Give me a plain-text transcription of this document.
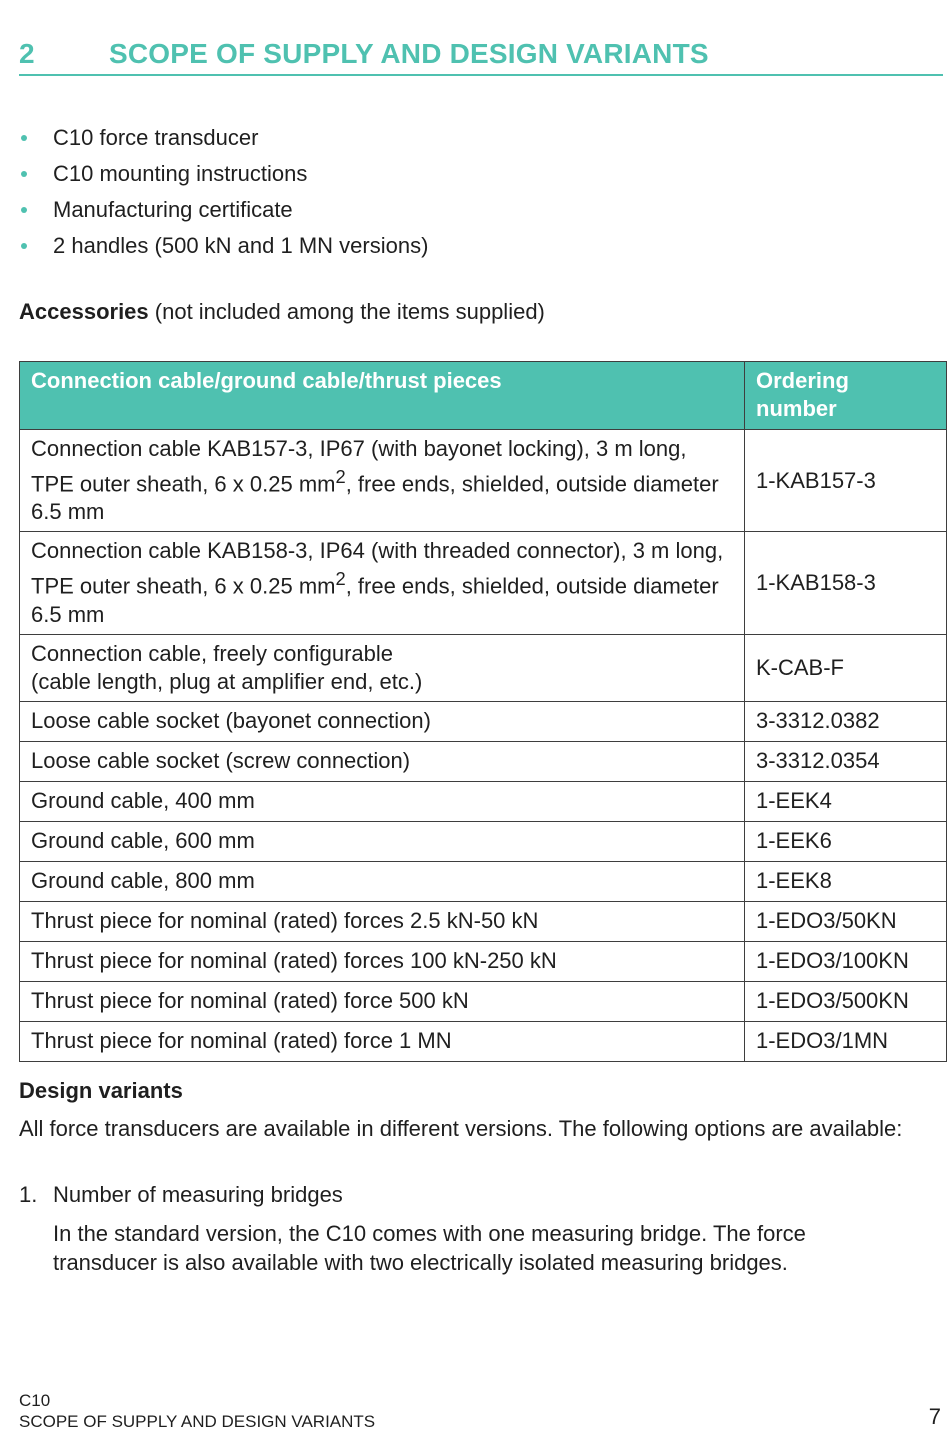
2	SCOPE OF SUPPLY AND DESIGN VARIANTS
C10 force transducer
C10 mounting instructions
Manufacturing certificate
2 handles (500 kN and 1 MN versions)
Accessories (not included among the items supplied)
Connection cable/ground cable/thrust pieces	Ordering number
Connection cable KAB157-3, IP67 (with bayonet locking), 3 m long, TPE outer sheath, 6 x 0.25 $mm^2$, free ends, shielded, outside diameter 6.5 mm	1-KAB157-3
Connection cable KAB158-3, IP64 (with threaded connector), 3 m long, TPE outer sheath, 6 x 0.25 $mm^2$, free ends, shielded, outside diameter 6.5 mm	1-KAB158-3
Connection cable, freely configurable
(cable length, plug at amplifier end, etc.)	K-CAB-F
Loose cable socket (bayonet connection)	3-3312.0382
Loose cable socket (screw connection)	3-3312.0354
Ground cable, 400 mm	1-EEK4
Ground cable, 600 mm	1-EEK6
Ground cable, 800 mm	1-EEK8
Thrust piece for nominal (rated) forces 2.5 kN-50 kN	1-EDO3/50KN
Thrust piece for nominal (rated) forces 100 kN-250 kN	1-EDO3/100KN
Thrust piece for nominal (rated) force 500 kN	1-EDO3/500KN
Thrust piece for nominal (rated) force 1 MN	1-EDO3/1MN
Design variants
All force transducers are available in different versions. The following options are available:
1. Number of measuring bridges
In the standard version, the C10 comes with one measuring bridge. The force transducer is also available with two electrically isolated measuring bridges.
C10
SCOPE OF SUPPLY AND DESIGN VARIANTS	7
